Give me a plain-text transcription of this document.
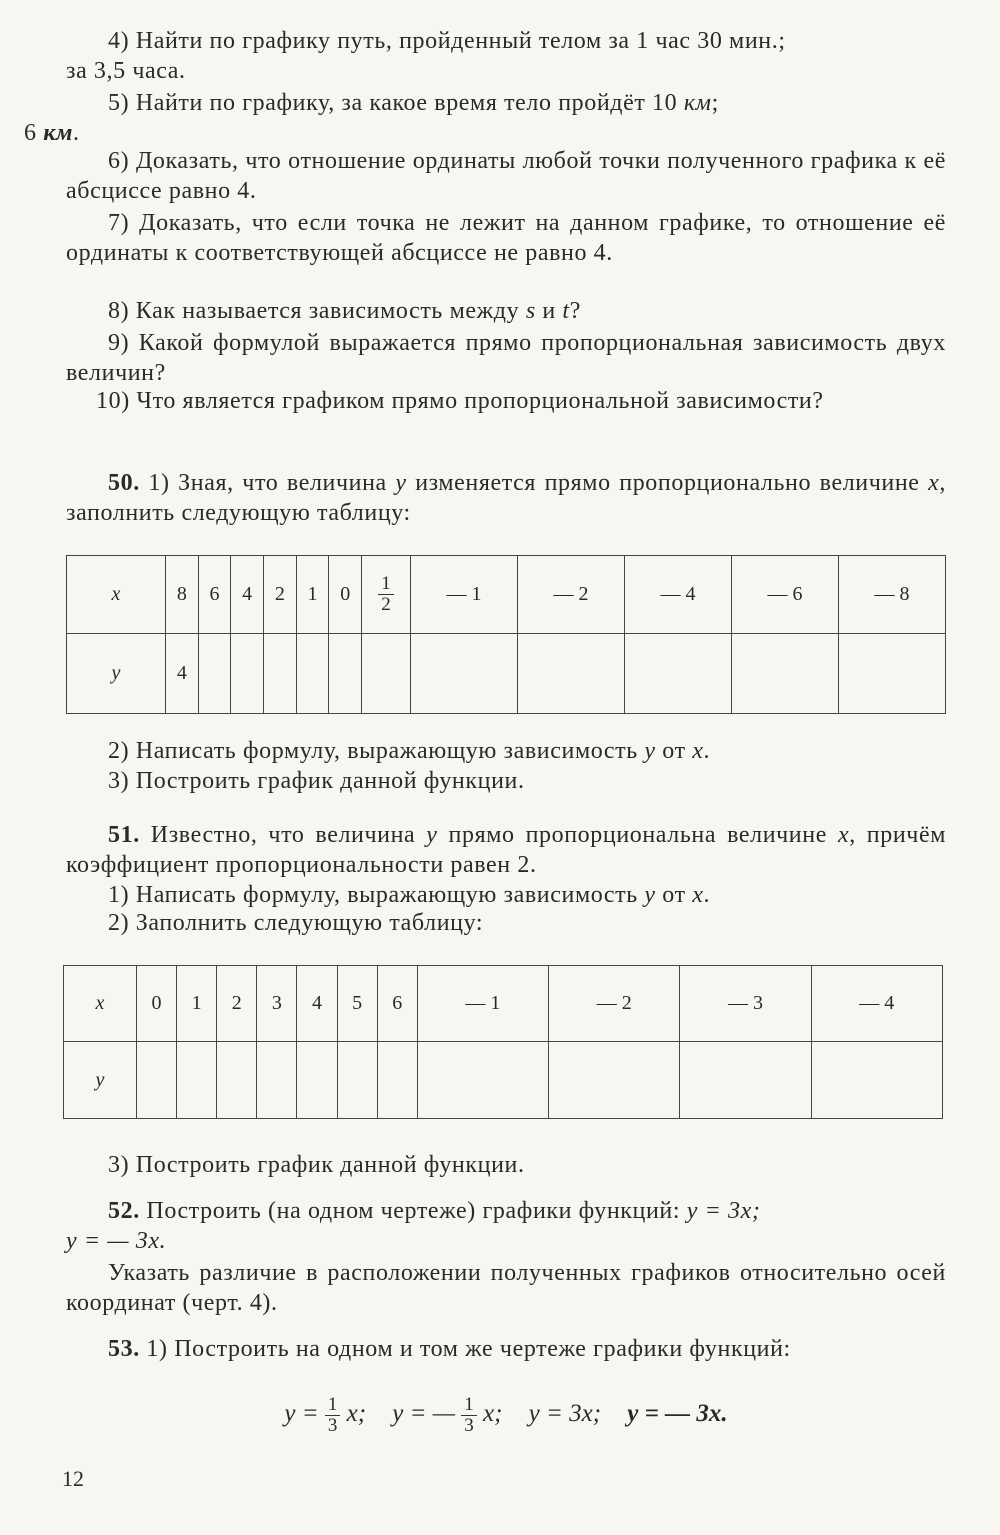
4) Найти по графику путь, пройденный телом за 1 час 30 мин.;
за 3,5 часа.

5) Найти по графику, за какое время тело пройдёт 10 км;
6 км.

6) Доказать, что отношение ординаты любой точки полученного графика к её абсциссе равно 4.

7) Доказать, что если точка не лежит на данном графике, то отношение её ординаты к соответствующей абсциссе не равно 4.

8) Как называется зависимость между s и t?

9) Какой формулой выражается прямо пропорциональная зависимость двух величин?

10) Что является графиком прямо пропорциональной зависимости?

50. 1) Зная, что величина y изменяется прямо пропорционально величине x, заполнить следующую таблицу:

x	8	6	4	2	1	0	$\frac{1}{2}$	— 1	— 2	— 4	— 6	— 8
y	4											

2) Написать формулу, выражающую зависимость y от x.

3) Построить график данной функции.

51. Известно, что величина y прямо пропорциональна величине x, причём коэффициент пропорциональности равен 2.

1) Написать формулу, выражающую зависимость y от x.

2) Заполнить следующую таблицу:

x	0	1	2	3	4	5	6	— 1	— 2	— 3	— 4
y											

3) Построить график данной функции.

52. Построить (на одном чертеже) графики функций: y = 3x;
y = — 3x.

Указать различие в расположении полученных графиков относительно осей координат (черт. 4).

53. 1) Построить на одном и том же чертеже графики функций:

$y = \frac{1}{3} x$; y = — $\frac{1}{3} x$; y = 3x; y = — 3x.
12
